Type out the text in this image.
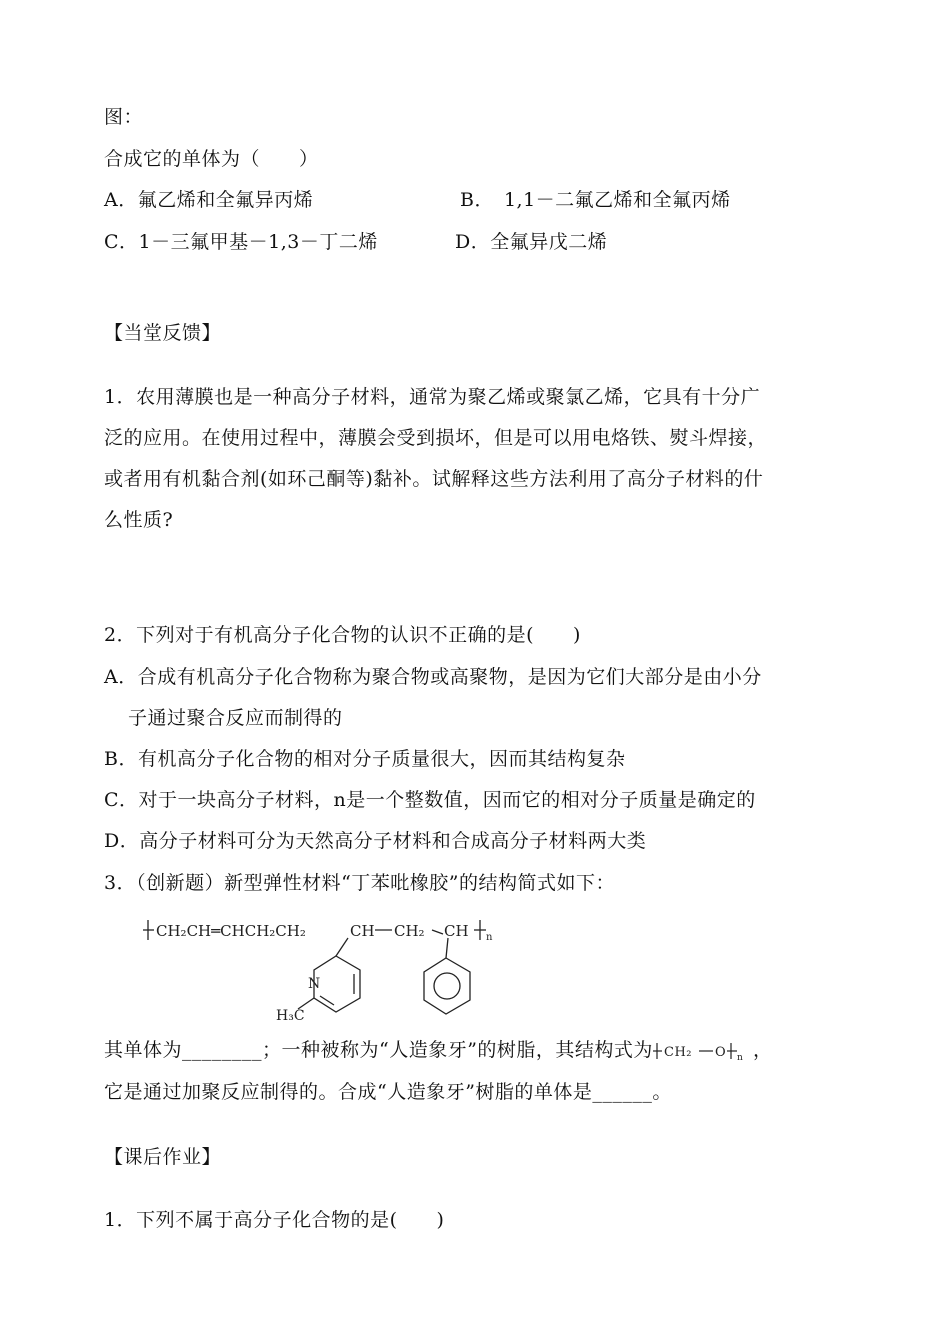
图：
合成它的单体为（　　）
A．氟乙烯和全氟异丙烯	B．　1,1－二氟乙烯和全氟丙烯
C．1－三氟甲基－1,3－丁二烯	D．全氟异戊二烯
【当堂反馈】
1．农用薄膜也是一种高分子材料，通常为聚乙烯或聚氯乙烯，它具有十分广
泛的应用。在使用过程中，薄膜会受到损坏，但是可以用电烙铁、熨斗焊接，
或者用有机黏合剂(如环己酮等)黏补。试解释这些方法利用了高分子材料的什
么性质?
2．下列对于有机高分子化合物的认识不正确的是(　　)
A．合成有机高分子化合物称为聚合物或高聚物，是因为它们大部分是由小分
子通过聚合反应而制得的
B．有机高分子化合物的相对分子质量很大，因而其结构复杂
C．对于一块高分子材料，n是一个整数值，因而它的相对分子质量是确定的
D．高分子材料可分为天然高分子材料和合成高分子材料两大类
3．（创新题）新型弹性材料“丁苯吡橡胶”的结构简式如下：
CH₂CH═CHCH₂CH₂	CH CH₂ CH n
N
H₃C
其单体为________；一种被称为“人造象牙”的树脂，其结构式为 CH₂ O n ，
它是通过加聚反应制得的。合成“人造象牙”树脂的单体是______。
【课后作业】
1．下列不属于高分子化合物的是(　　)
